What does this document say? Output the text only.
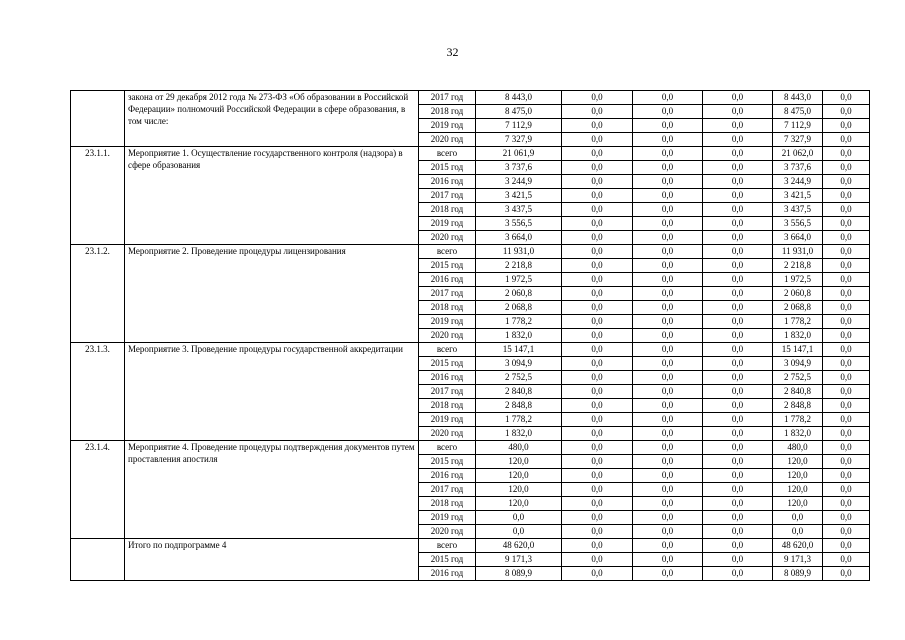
32
	закона от 29 декабря 2012 года № 273-ФЗ «Об образовании в Российской Федерации» полномочий Российской Федерации в сфере образования, в том числе:	2017 год	8 443,0	0,0	0,0	0,0	8 443,0	0,0
		2018 год	8 475,0	0,0	0,0	0,0	8 475,0	0,0
		2019 год	7 112,9	0,0	0,0	0,0	7 112,9	0,0
		2020 год	7 327,9	0,0	0,0	0,0	7 327,9	0,0
23.1.1.	Мероприятие 1. Осуществление государственного контроля (надзора) в сфере образования	всего	21 061,9	0,0	0,0	0,0	21 062,0	0,0
		2015 год	3 737,6	0,0	0,0	0,0	3 737,6	0,0
		2016 год	3 244,9	0,0	0,0	0,0	3 244,9	0,0
		2017 год	3 421,5	0,0	0,0	0,0	3 421,5	0,0
		2018 год	3 437,5	0,0	0,0	0,0	3 437,5	0,0
		2019 год	3 556,5	0,0	0,0	0,0	3 556,5	0,0
		2020 год	3 664,0	0,0	0,0	0,0	3 664,0	0,0
23.1.2.	Мероприятие 2. Проведение процедуры лицензирования	всего	11 931,0	0,0	0,0	0,0	11 931,0	0,0
		2015 год	2 218,8	0,0	0,0	0,0	2 218,8	0,0
		2016 год	1 972,5	0,0	0,0	0,0	1 972,5	0,0
		2017 год	2 060,8	0,0	0,0	0,0	2 060,8	0,0
		2018 год	2 068,8	0,0	0,0	0,0	2 068,8	0,0
		2019 год	1 778,2	0,0	0,0	0,0	1 778,2	0,0
		2020 год	1 832,0	0,0	0,0	0,0	1 832,0	0,0
23.1.3.	Мероприятие 3. Проведение процедуры государственной аккредитации	всего	15 147,1	0,0	0,0	0,0	15 147,1	0,0
		2015 год	3 094,9	0,0	0,0	0,0	3 094,9	0,0
		2016 год	2 752,5	0,0	0,0	0,0	2 752,5	0,0
		2017 год	2 840,8	0,0	0,0	0,0	2 840,8	0,0
		2018 год	2 848,8	0,0	0,0	0,0	2 848,8	0,0
		2019 год	1 778,2	0,0	0,0	0,0	1 778,2	0,0
		2020 год	1 832,0	0,0	0,0	0,0	1 832,0	0,0
23.1.4.	Мероприятие 4. Проведение процедуры подтверждения документов путем проставления апостиля	всего	480,0	0,0	0,0	0,0	480,0	0,0
		2015 год	120,0	0,0	0,0	0,0	120,0	0,0
		2016 год	120,0	0,0	0,0	0,0	120,0	0,0
		2017 год	120,0	0,0	0,0	0,0	120,0	0,0
		2018 год	120,0	0,0	0,0	0,0	120,0	0,0
		2019 год	0,0	0,0	0,0	0,0	0,0	0,0
		2020 год	0,0	0,0	0,0	0,0	0,0	0,0
	Итого по подпрограмме 4	всего	48 620,0	0,0	0,0	0,0	48 620,0	0,0
		2015 год	9 171,3	0,0	0,0	0,0	9 171,3	0,0
		2016 год	8 089,9	0,0	0,0	0,0	8 089,9	0,0
